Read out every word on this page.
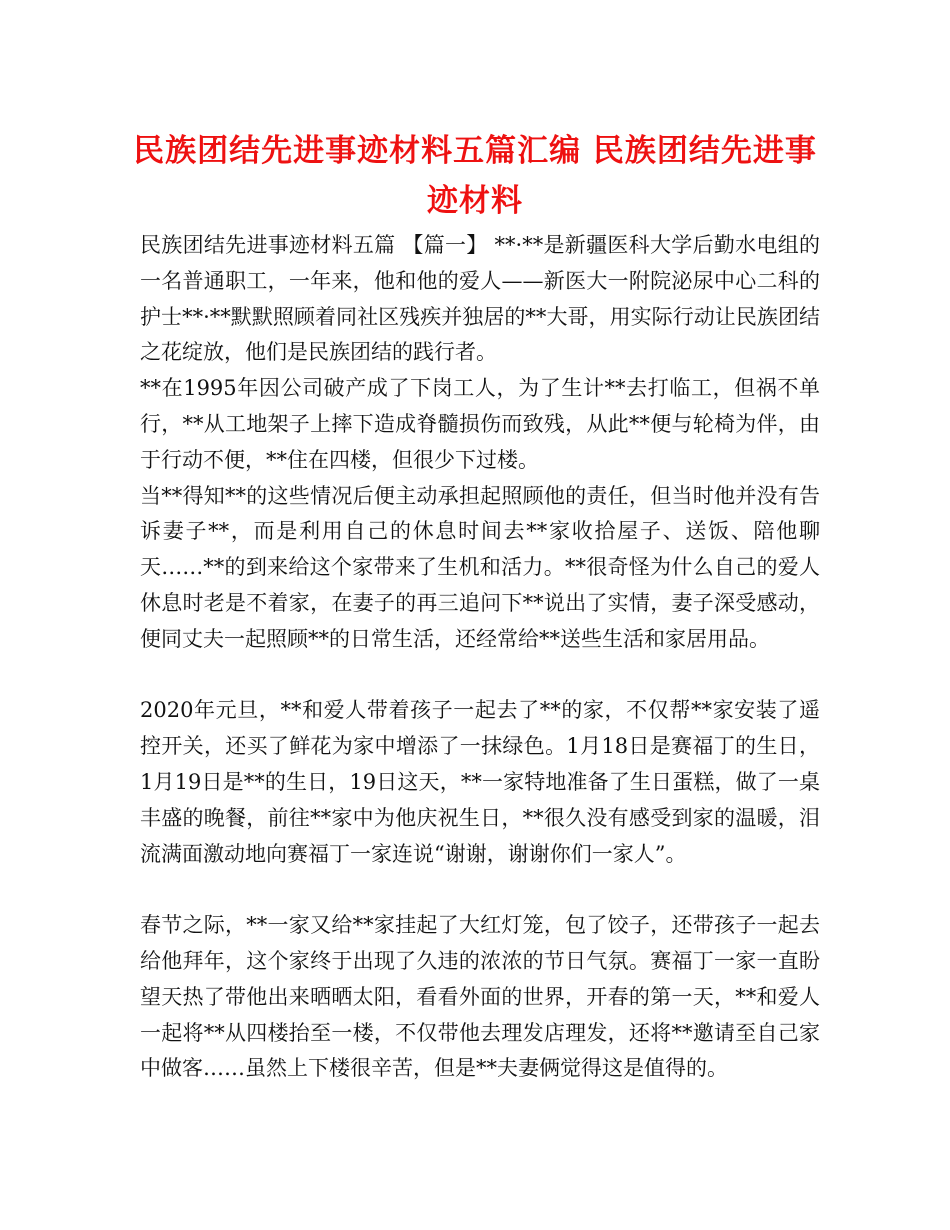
民族团结先进事迹材料五篇汇编 民族团结先进事迹材料

民族团结先进事迹材料五篇 【篇一】 **·**是新疆医科大学后勤水电组的一名普通职工，一年来，他和他的爱人——新医大一附院泌尿中心二科的护士**·**默默照顾着同社区残疾并独居的**大哥，用实际行动让民族团结之花绽放，他们是民族团结的践行者。

**在1995年因公司破产成了下岗工人，为了生计**去打临工，但祸不单行，**从工地架子上摔下造成脊髓损伤而致残，从此**便与轮椅为伴，由于行动不便，**住在四楼，但很少下过楼。

当**得知**的这些情况后便主动承担起照顾他的责任，但当时他并没有告诉妻子**，而是利用自己的休息时间去**家收拾屋子、送饭、陪他聊天……**的到来给这个家带来了生机和活力。**很奇怪为什么自己的爱人休息时老是不着家，在妻子的再三追问下**说出了实情，妻子深受感动，便同丈夫一起照顾**的日常生活，还经常给**送些生活和家居用品。

2020年元旦，**和爱人带着孩子一起去了**的家，不仅帮**家安装了遥控开关，还买了鲜花为家中增添了一抹绿色。1月18日是赛福丁的生日，1月19日是**的生日，19日这天，**一家特地准备了生日蛋糕，做了一桌丰盛的晚餐，前往**家中为他庆祝生日，**很久没有感受到家的温暖，泪流满面激动地向赛福丁一家连说“谢谢，谢谢你们一家人”。

春节之际，**一家又给**家挂起了大红灯笼，包了饺子，还带孩子一起去给他拜年，这个家终于出现了久违的浓浓的节日气氛。赛福丁一家一直盼望天热了带他出来晒晒太阳，看看外面的世界，开春的第一天，**和爱人一起将**从四楼抬至一楼，不仅带他去理发店理发，还将**邀请至自己家中做客……虽然上下楼很辛苦，但是**夫妻俩觉得这是值得的。
